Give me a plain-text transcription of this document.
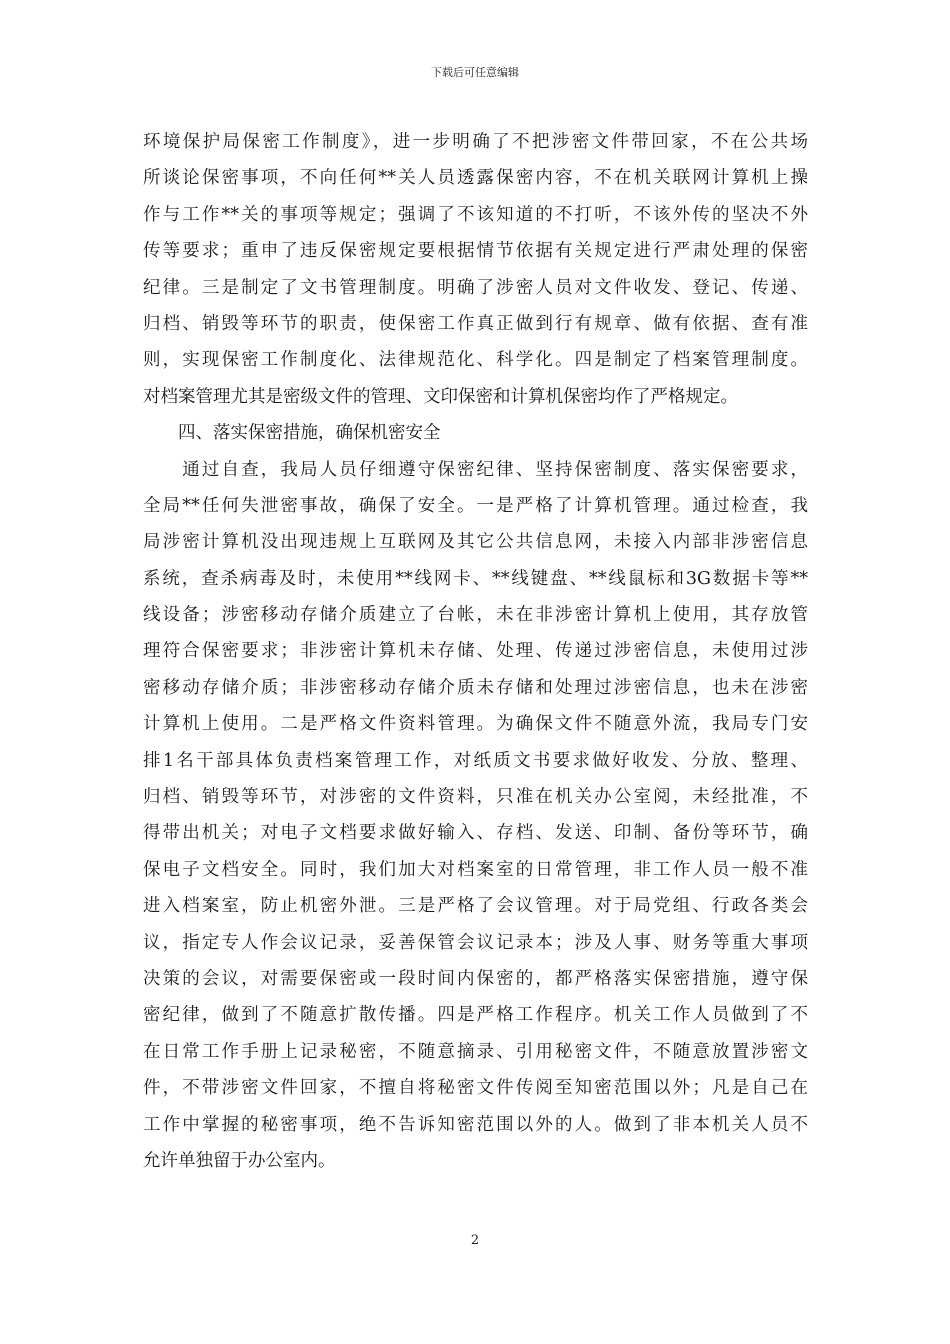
下载后可任意编辑
环境保护局保密工作制度》，进一步明确了不把涉密文件带回家，不在公共场
所谈论保密事项，不向任何**关人员透露保密内容，不在机关联网计算机上操
作与工作**关的事项等规定；强调了不该知道的不打听，不该外传的坚决不外
传等要求；重申了违反保密规定要根据情节依据有关规定进行严肃处理的保密
纪律。三是制定了文书管理制度。明确了涉密人员对文件收发、登记、传递、
归档、销毁等环节的职责，使保密工作真正做到行有规章、做有依据、查有准
则，实现保密工作制度化、法律规范化、科学化。四是制定了档案管理制度。
对档案管理尤其是密级文件的管理、文印保密和计算机保密均作了严格规定。
　　四、落实保密措施，确保机密安全
　　通过自查，我局人员仔细遵守保密纪律、坚持保密制度、落实保密要求，
全局**任何失泄密事故，确保了安全。一是严格了计算机管理。通过检查，我
局涉密计算机没出现违规上互联网及其它公共信息网，未接入内部非涉密信息
系统，查杀病毒及时，未使用**线网卡、**线键盘、**线鼠标和3G数据卡等**
线设备；涉密移动存储介质建立了台帐，未在非涉密计算机上使用，其存放管
理符合保密要求；非涉密计算机未存储、处理、传递过涉密信息，未使用过涉
密移动存储介质；非涉密移动存储介质未存储和处理过涉密信息，也未在涉密
计算机上使用。二是严格文件资料管理。为确保文件不随意外流，我局专门安
排1名干部具体负责档案管理工作，对纸质文书要求做好收发、分放、整理、
归档、销毁等环节，对涉密的文件资料，只准在机关办公室阅，未经批准，不
得带出机关；对电子文档要求做好输入、存档、发送、印制、备份等环节，确
保电子文档安全。同时，我们加大对档案室的日常管理，非工作人员一般不准
进入档案室，防止机密外泄。三是严格了会议管理。对于局党组、行政各类会
议，指定专人作会议记录，妥善保管会议记录本；涉及人事、财务等重大事项
决策的会议，对需要保密或一段时间内保密的，都严格落实保密措施，遵守保
密纪律，做到了不随意扩散传播。四是严格工作程序。机关工作人员做到了不
在日常工作手册上记录秘密，不随意摘录、引用秘密文件，不随意放置涉密文
件，不带涉密文件回家，不擅自将秘密文件传阅至知密范围以外；凡是自己在
工作中掌握的秘密事项，绝不告诉知密范围以外的人。做到了非本机关人员不
允许单独留于办公室内。
2
